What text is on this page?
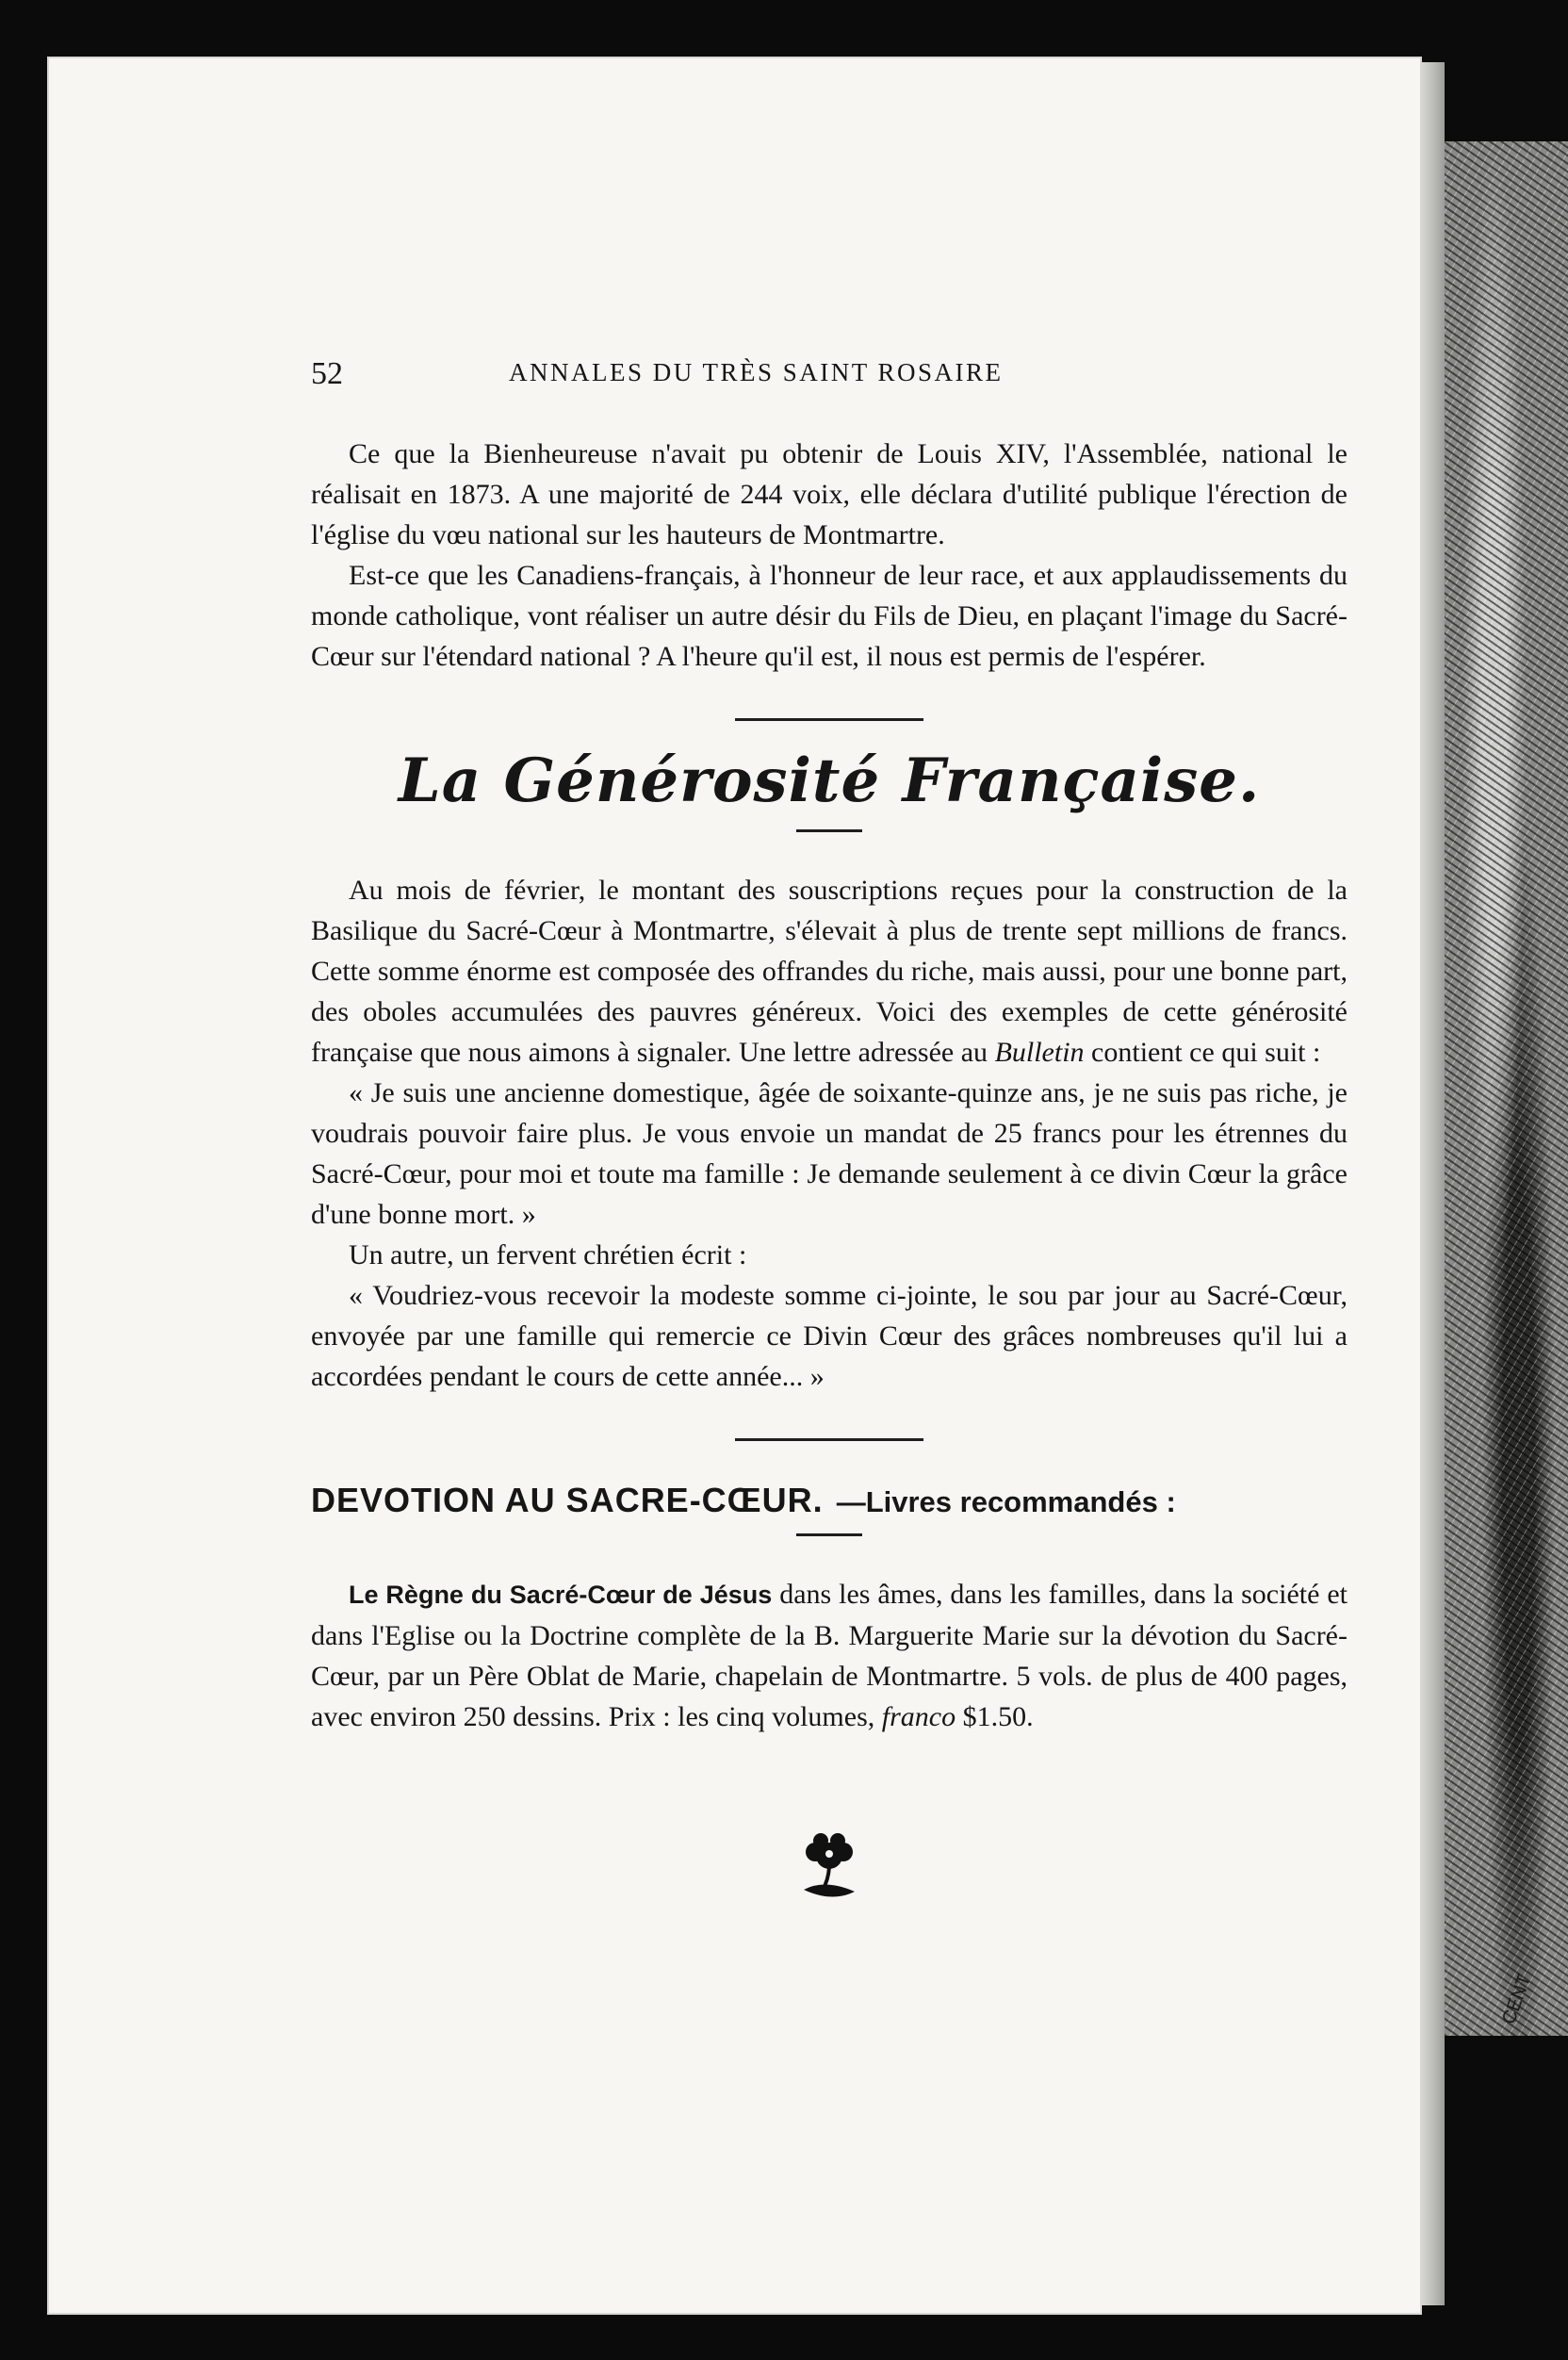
CENT
52	ANNALES DU TRÈS SAINT ROSAIRE

Ce que la Bienheureuse n'avait pu obtenir de Louis XIV, l'Assemblée, national le réalisait en 1873. A une majorité de 244 voix, elle déclara d'utilité publique l'érection de l'église du vœu national sur les hauteurs de Montmartre.

Est-ce que les Canadiens-français, à l'honneur de leur race, et aux applaudissements du monde catholique, vont réaliser un autre désir du Fils de Dieu, en plaçant l'image du Sacré-Cœur sur l'étendard national ? A l'heure qu'il est, il nous est permis de l'espérer.

La Générosité Française.

Au mois de février, le montant des souscriptions reçues pour la construction de la Basilique du Sacré-Cœur à Montmartre, s'élevait à plus de trente sept millions de francs. Cette somme énorme est composée des offrandes du riche, mais aussi, pour une bonne part, des oboles accumulées des pauvres généreux. Voici des exemples de cette générosité française que nous aimons à signaler. Une lettre adressée au Bulletin contient ce qui suit :

« Je suis une ancienne domestique, âgée de soixante-quinze ans, je ne suis pas riche, je voudrais pouvoir faire plus. Je vous envoie un mandat de 25 francs pour les étrennes du Sacré-Cœur, pour moi et toute ma famille : Je demande seulement à ce divin Cœur la grâce d'une bonne mort. »

Un autre, un fervent chrétien écrit :

« Voudriez-vous recevoir la modeste somme ci-jointe, le sou par jour au Sacré-Cœur, envoyée par une famille qui remercie ce Divin Cœur des grâces nombreuses qu'il lui a accordées pendant le cours de cette année... »

DEVOTION AU SACRE-CŒUR. —Livres recommandés :

Le Règne du Sacré-Cœur de Jésus dans les âmes, dans les familles, dans la société et dans l'Eglise ou la Doctrine complète de la B. Marguerite Marie sur la dévotion du Sacré-Cœur, par un Père Oblat de Marie, chapelain de Montmartre. 5 vols. de plus de 400 pages, avec environ 250 dessins. Prix : les cinq volumes, franco $1.50.
